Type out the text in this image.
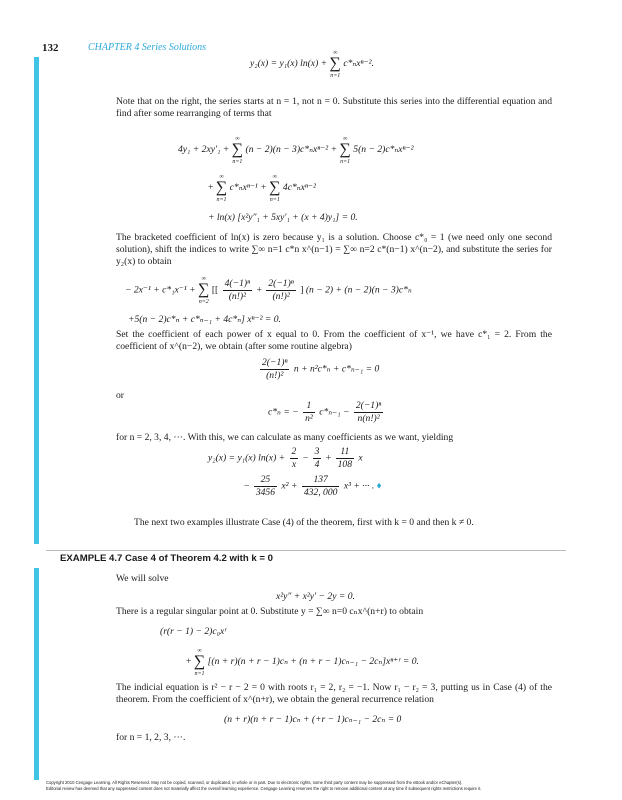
132	CHAPTER 4 Series Solutions
y₂(x) = y₁(x) ln(x) + ∑
∞
n=1
c*ₙxⁿ⁻².
Note that on the right, the series starts at n = 1, not n = 0. Substitute this series into the differential equation and find after some rearranging of terms that
4y₁ + 2xy′₁ + ∑
∞
n=1
(n − 2)(n − 3)c*ₙxⁿ⁻² + ∑
∞
n=1
5(n − 2)c*ₙxⁿ⁻²
+ ∑
∞
n=1
c*ₙxⁿ⁻¹ + ∑
∞
n=1
4c*ₙxⁿ⁻²
+ ln(x) [x²y″₁ + 5xy′₁ + (x + 4)y₁] = 0.
The bracketed coefficient of ln(x) is zero because y₁ is a solution. Choose c*₀ = 1 (we need only one second solution), shift the indices to write ∑∞ n=1 c*n x^(n−1) = ∑∞ n=2 c*(n−1) x^(n−2), and substitute the series for y₂(x) to obtain
− 2x⁻¹ + c*₁x⁻¹ + ∑
∞
n=2
[[ $\frac{\text{4(−1)ⁿ}}{\text{(n!)²}} + \frac{\text{2(−1)ⁿ}}{\text{(n!)²}}$ ] (n − 2) + (n − 2)(n − 3)c*ₙ
+5(n − 2)c*ₙ + c*ₙ₋₁ + 4c*ₙ] xⁿ⁻² = 0.
Set the coefficient of each power of x equal to 0. From the coefficient of x⁻¹, we have c*₁ = 2. From the coefficient of x^(n−2), we obtain (after some routine algebra)
$\frac{\text{2(−1)ⁿ}}{\text{(n!)²}}$ n + n²c*ₙ + c*ₙ₋₁ = 0
or
c*ₙ = − $\frac{1}{\text{n²}} c*_{n-1} - \frac{\text{2(−1)ⁿ}}{\text{n(n!)²}}$
for n = 2, 3, 4, ···. With this, we can calculate as many coefficients as we want, yielding
y₂(x) = y₁(x) $\ln(x) + \frac{2}{x} - \frac{3}{4} + \frac{11}{108}$ x
− $\frac{25}{3456} x^2 + \frac{137}{432, 000} x^3$ + ··· . ♦
The next two examples illustrate Case (4) of the theorem, first with k = 0 and then k ≠ 0.
EXAMPLE 4.7 Case 4 of Theorem 4.2 with k = 0
We will solve
x²y″ + x²y′ − 2y = 0.
There is a regular singular point at 0. Substitute y = ∑∞ n=0 cₙx^(n+r) to obtain
(r(r − 1) − 2)c₀xʳ
+ ∑
∞
n=1
[(n + r)(n + r − 1)cₙ + (n + r − 1)cₙ₋₁ − 2cₙ]xⁿ⁺ʳ = 0.
The indicial equation is r² − r − 2 = 0 with roots r₁ = 2, r₂ = −1. Now r₁ − r₂ = 3, putting us in Case (4) of the theorem. From the coefficient of x^(n+r), we obtain the general recurrence relation
(n + r)(n + r − 1)cₙ + (+r − 1)cₙ₋₁ − 2cₙ = 0
for n = 1, 2, 3, ···.
Copyright 2010 Cengage Learning. All Rights Reserved. May not be copied, scanned, or duplicated, in whole or in part. Due to electronic rights, some third party content may be suppressed from the eBook and/or eChapter(s).
Editorial review has deemed that any suppressed content does not materially affect the overall learning experience. Cengage Learning reserves the right to remove additional content at any time if subsequent rights restrictions require it.
